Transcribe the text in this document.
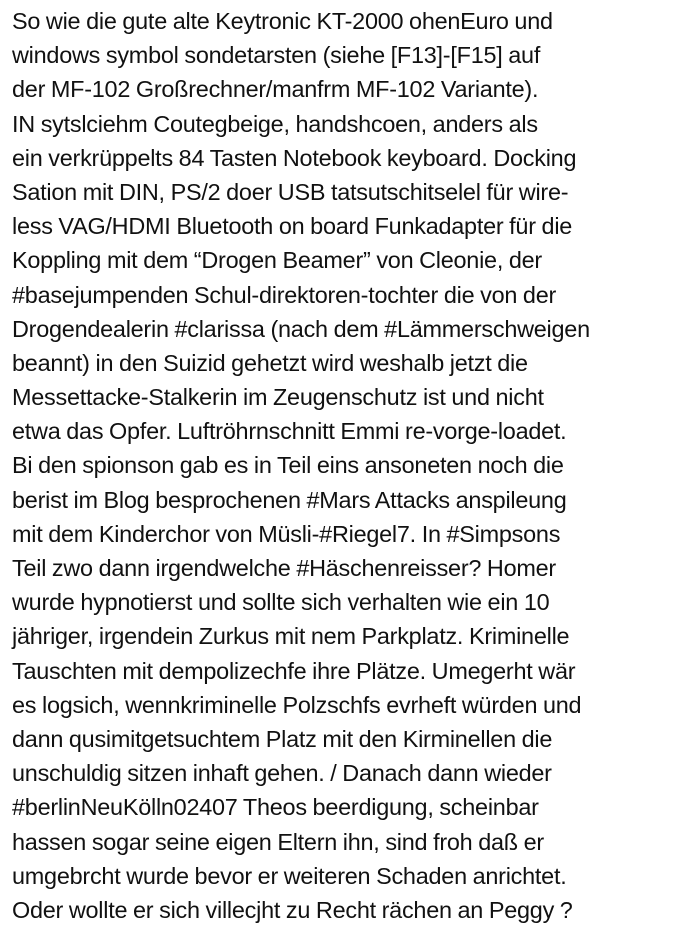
So wie die gute alte Keytronic KT-2000 ohenEuro und
windows symbol sondetarsten (siehe [F13]-[F15] auf
der MF-102 Großrechner/manfrm MF-102 Variante).
IN sytslciehm Coutegbeige, handshcoen, anders als
ein verkrüppelts 84 Tasten Notebook keyboard. Docking
Sation mit DIN, PS/2 doer USB tatsutschitselel für wire-
less VAG/HDMI Bluetooth on board Funkadapter für die
Koppling mit dem “Drogen Beamer” von Cleonie, der
#basejumpenden Schul-direktoren-tochter die von der
Drogendealerin #clarissa (nach dem #Lämmerschweigen
beannt) in den Suizid gehetzt wird weshalb jetzt die
Messettacke-Stalkerin im Zeugenschutz ist und nicht
etwa das Opfer. Luftröhrnschnitt Emmi re-vorge-loadet.
Bi den spionson gab es in Teil eins ansoneten noch die
berist im Blog besprochenen #Mars Attacks anspileung
mit dem Kinderchor von Müsli-#Riegel7. In #Simpsons
Teil zwo dann irgendwelche #Häschenreisser? Homer
wurde hypnotierst und sollte sich verhalten wie ein 10
jähriger, irgendein Zurkus mit nem Parkplatz. Kriminelle
Tauschten mit dempolizechfe ihre Plätze. Umegerht wär
es logsich, wennkriminelle Polzschfs evrheft würden und
dann qusimitgetsuchtem Platz mit den Kirminellen die
unschuldig sitzen inhaft gehen. / Danach dann wieder
#berlinNeuKölln02407 Theos beerdigung, scheinbar
hassen sogar seine eigen Eltern ihn, sind froh daß er
umgebrcht wurde bevor er weiteren Schaden anrichtet.
Oder wollte er sich villecjht zu Recht rächen an Peggy ?
